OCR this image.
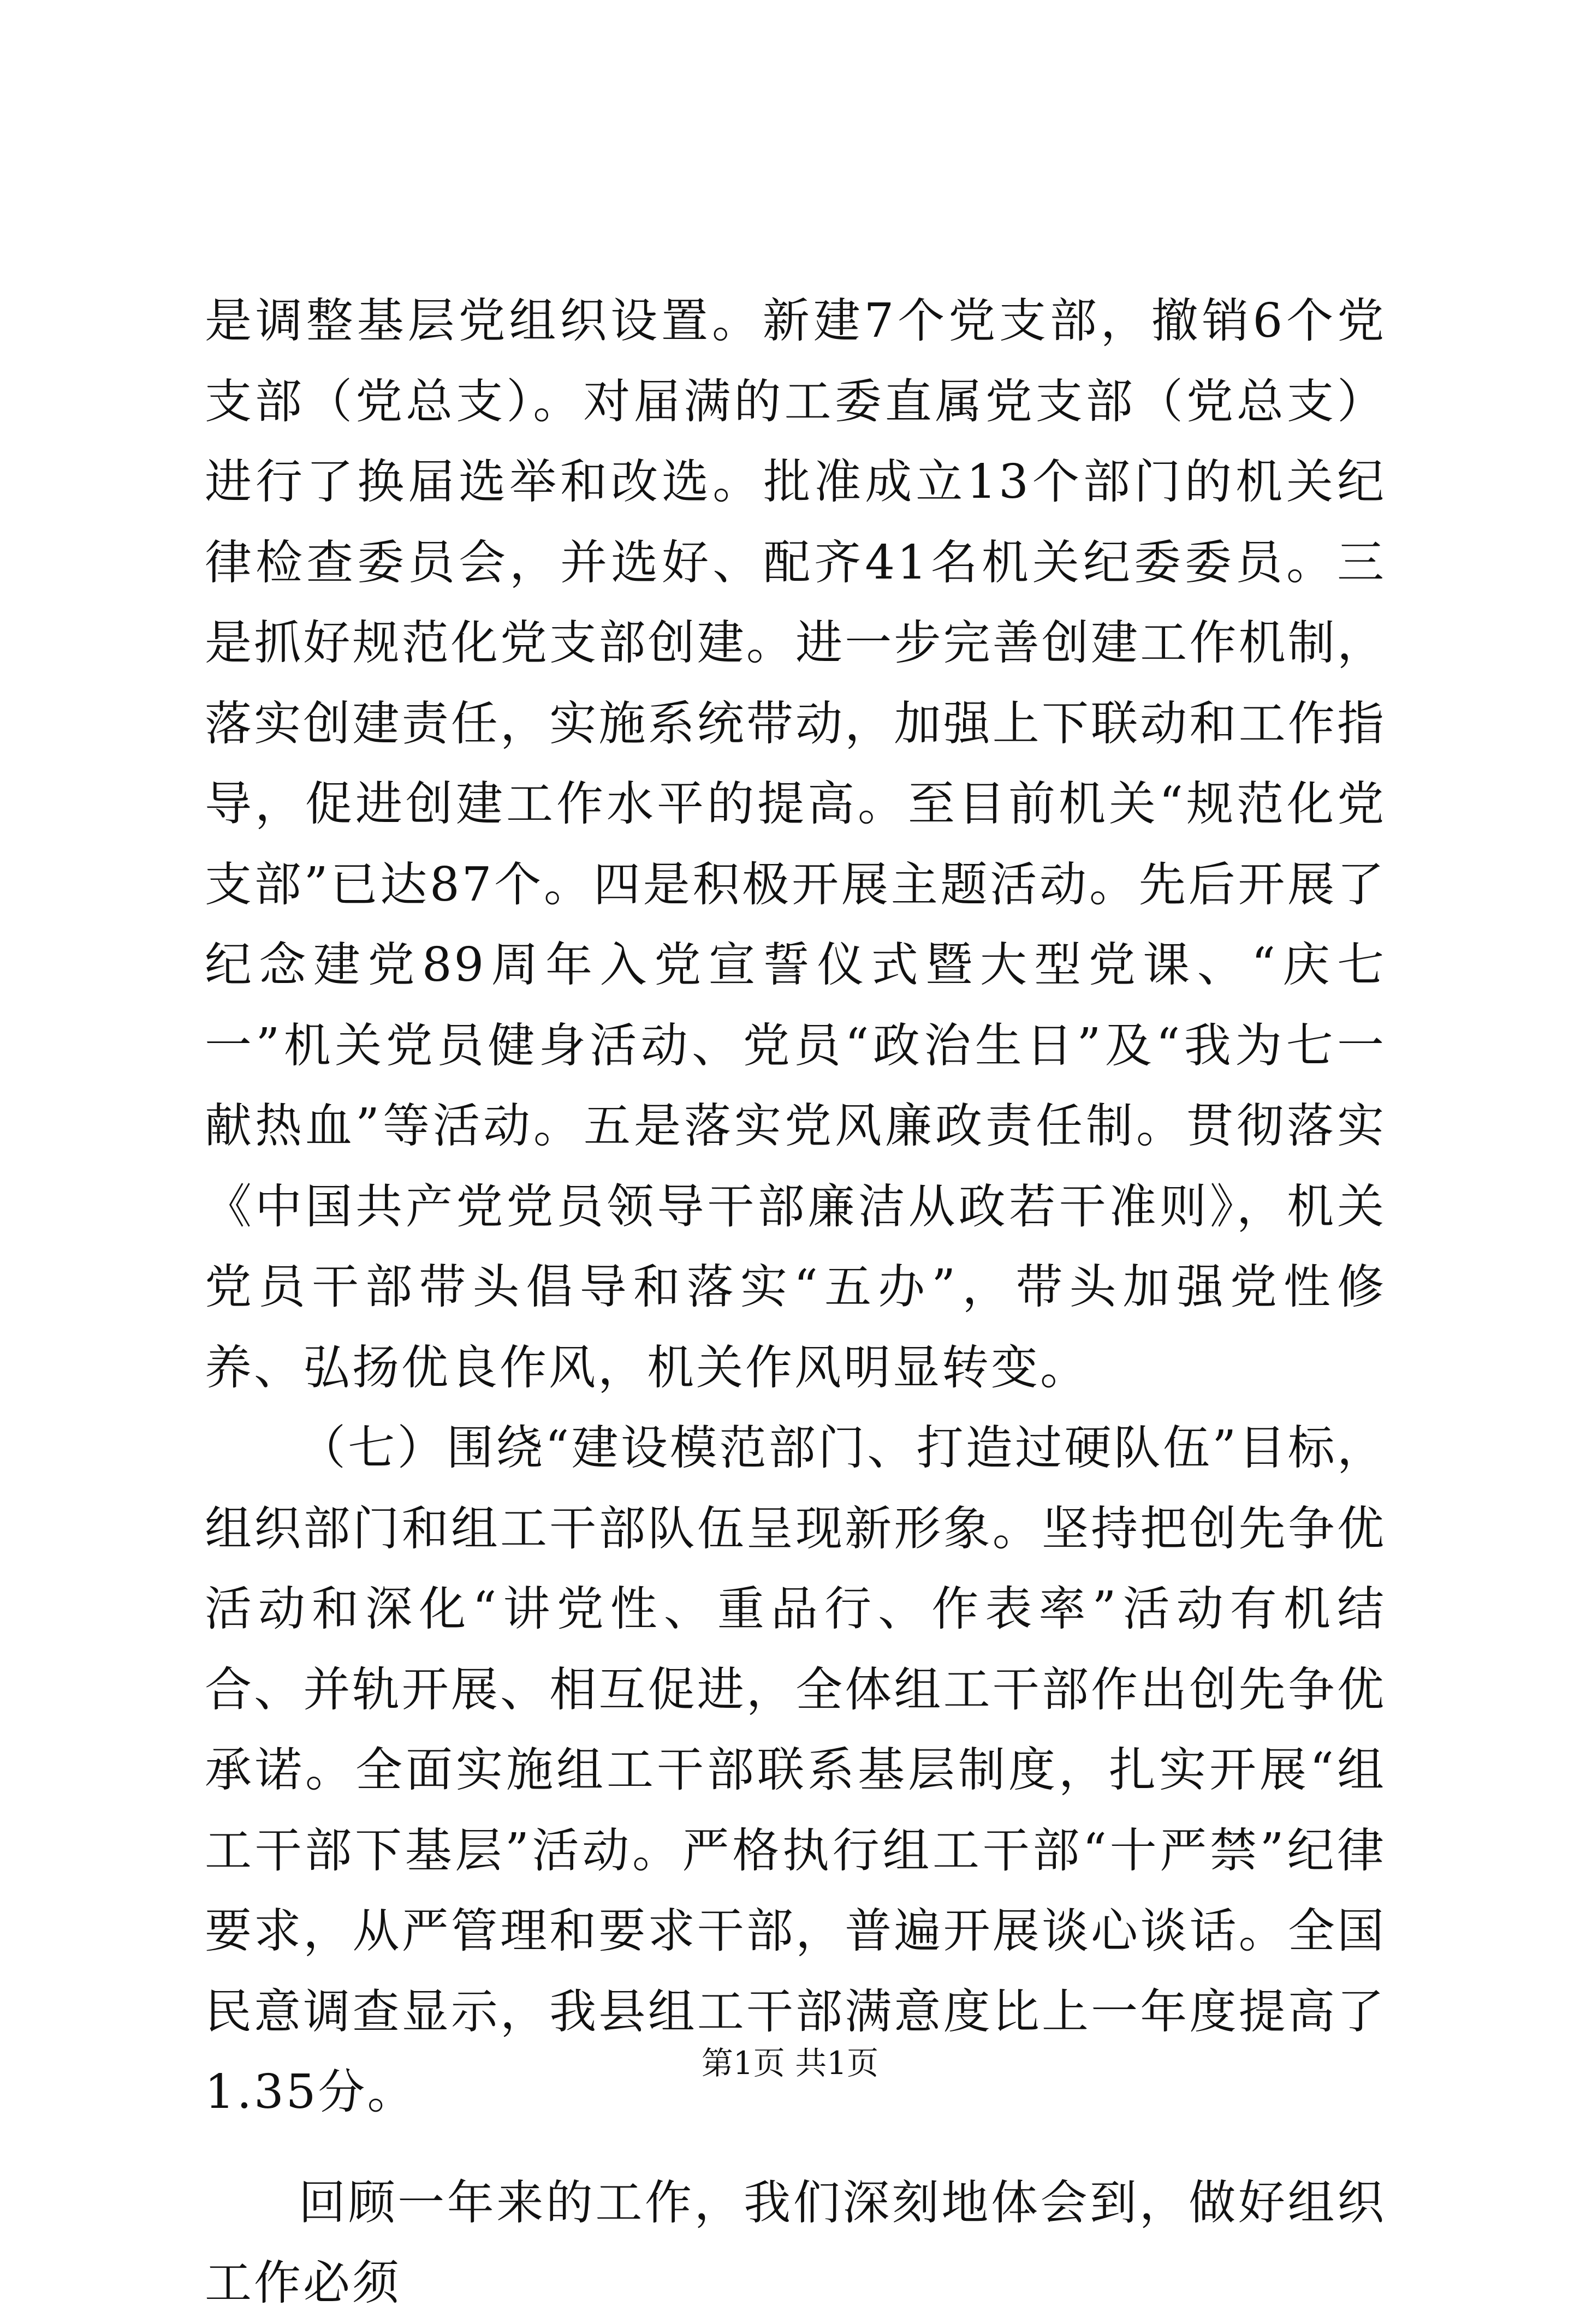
是调整基层党组织设置。新建7个党支部，撤销6个党支部（党总支）。对届满的工委直属党支部（党总支）进行了换届选举和改选。批准成立13个部门的机关纪律检查委员会，并选好、配齐41名机关纪委委员。三是抓好规范化党支部创建。进一步完善创建工作机制，落实创建责任，实施系统带动，加强上下联动和工作指导，促进创建工作水平的提高。至目前机关“规范化党支部”已达87个。四是积极开展主题活动。先后开展了纪念建党89周年入党宣誓仪式暨大型党课、“庆七一”机关党员健身活动、党员“政治生日”及“我为七一献热血”等活动。五是落实党风廉政责任制。贯彻落实《中国共产党党员领导干部廉洁从政若干准则》，机关党员干部带头倡导和落实“五办”，带头加强党性修养、弘扬优良作风，机关作风明显转变。

（七）围绕“建设模范部门、打造过硬队伍”目标，组织部门和组工干部队伍呈现新形象。坚持把创先争优活动和深化“讲党性、重品行、作表率”活动有机结合、并轨开展、相互促进，全体组工干部作出创先争优承诺。全面实施组工干部联系基层制度，扎实开展“组工干部下基层”活动。严格执行组工干部“十严禁”纪律要求，从严管理和要求干部，普遍开展谈心谈话。全国民意调查显示，我县组工干部满意度比上一年度提高了1.35分。

回顾一年来的工作，我们深刻地体会到，做好组织工作必须

第1页 共1页
